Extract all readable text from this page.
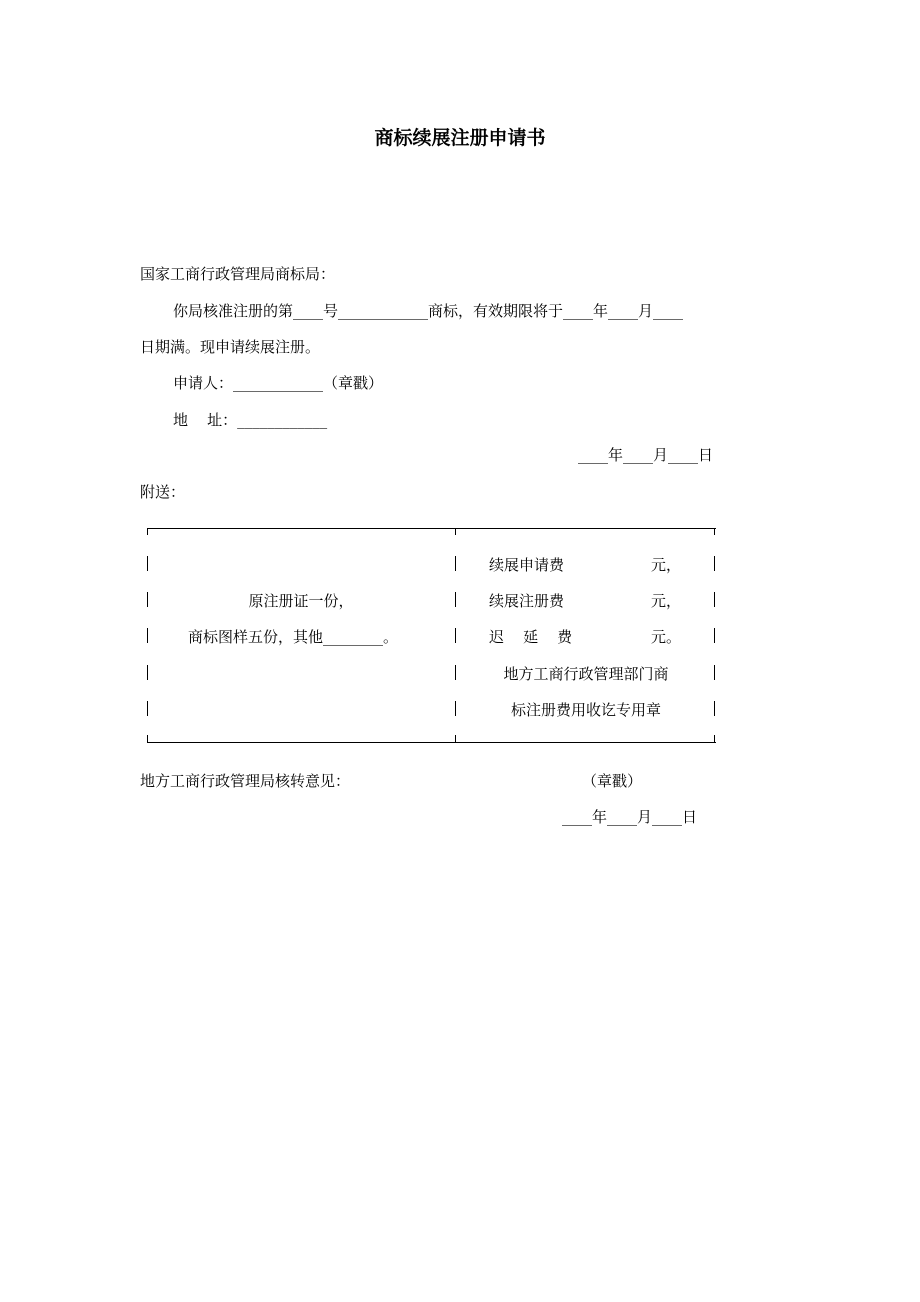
商标续展注册申请书
国家工商行政管理局商标局：
你局核准注册的第____号____________商标，有效期限将于____年____月____
日期满。现申请续展注册。
申请人：____________（章戳）
地    址：____________
____年____月____日
附送：
原注册证一份，
商标图样五份，其他________。
续展申请费	元，
续展注册费	元，
迟    延    费	元。
地方工商行政管理部门商
标注册费用收讫专用章
地方工商行政管理局核转意见：	（章戳）
____年____月____日
